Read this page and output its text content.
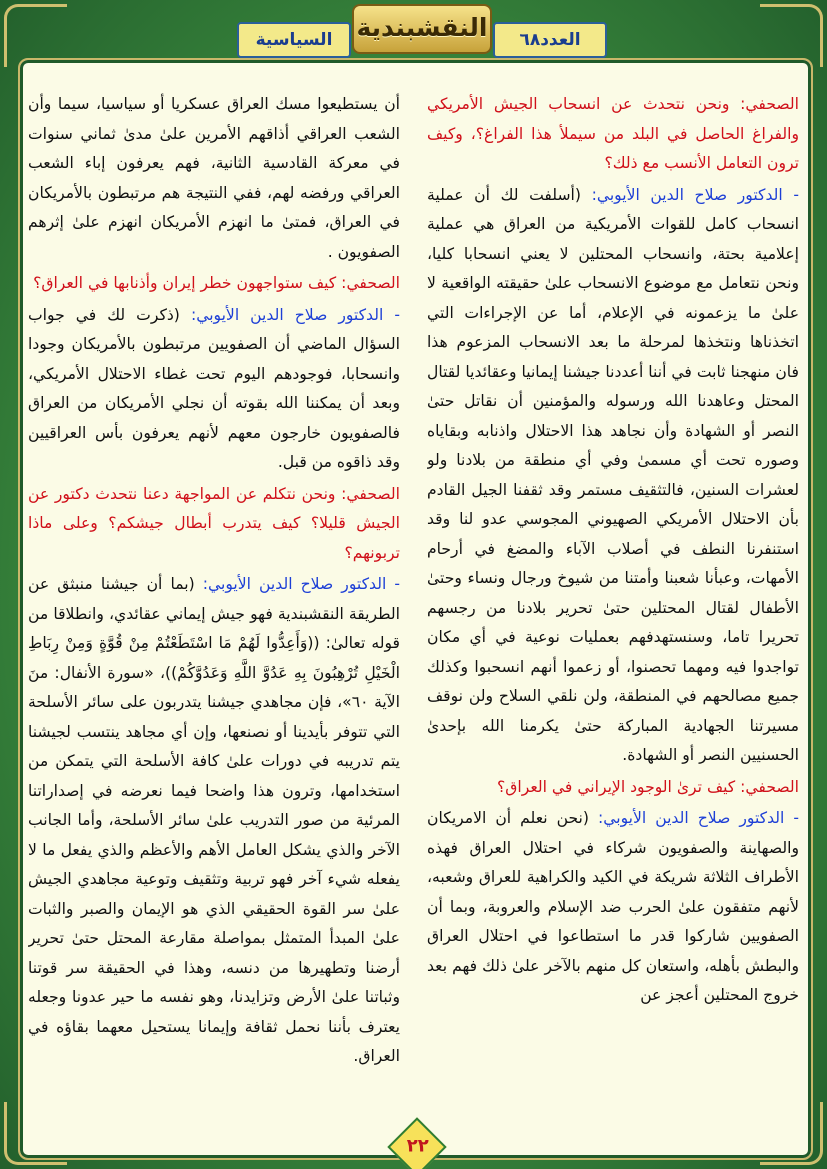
النقشبندية	العدد٦٨
السياسية

الصحفي: ونحن نتحدث عن انسحاب الجيش الأمريكي والفراغ الحاصل في البلد من سيملأ هذا الفراغ؟، وكيف ترون التعامل الأنسب مع ذلك؟

- الدكتور صلاح الدين الأيوبي: (أسلفت لك أن عملية انسحاب كامل للقوات الأمريكية من العراق هي عملية إعلامية بحتة، وانسحاب المحتلين لا يعني انسحابا كليا، ونحن نتعامل مع موضوع الانسحاب علىٰ حقيقته الواقعية لا علىٰ ما يزعمونه في الإعلام، أما عن الإجراءات التي اتخذناها ونتخذها لمرحلة ما بعد الانسحاب المزعوم هذا فان منهجنا ثابت في أننا أعددنا جيشنا إيمانيا وعقائديا لقتال المحتل وعاهدنا الله ورسوله والمؤمنين أن نقاتل حتىٰ النصر أو الشهادة وأن نجاهد هذا الاحتلال واذنابه وبقاياه وصوره تحت أي مسمىٰ وفي أي منطقة من بلادنا ولو لعشرات السنين، فالتثقيف مستمر وقد ثقفنا الجيل القادم بأن الاحتلال الأمريكي الصهيوني المجوسي عدو لنا وقد استنفرنا النطف في أصلاب الآباء والمضغ في أرحام الأمهات، وعبأنا شعبنا وأمتنا من شيوخ ورجال ونساء وحتىٰ الأطفال لقتال المحتلين حتىٰ تحرير بلادنا من رجسهم تحريرا تاما، وسنستهدفهم بعمليات نوعية في أي مكان تواجدوا فيه ومهما تحصنوا، أو زعموا أنهم انسحبوا وكذلك جميع مصالحهم في المنطقة، ولن نلقي السلاح ولن نوقف مسيرتنا الجهادية المباركة حتىٰ يكرمنا الله بإحدىٰ الحسنيين النصر أو الشهادة.

الصحفي: كيف ترىٰ الوجود الإيراني في العراق؟

- الدكتور صلاح الدين الأيوبي: (نحن نعلم أن الامريكان والصهاينة والصفويون شركاء في احتلال العراق فهذه الأطراف الثلاثة شريكة في الكيد والكراهية للعراق وشعبه، لأنهم متفقون علىٰ الحرب ضد الإسلام والعروبة، وبما أن الصفويين شاركوا قدر ما استطاعوا في احتلال العراق والبطش بأهله، واستعان كل منهم بالآخر علىٰ ذلك فهم بعد خروج المحتلين أعجز عن

أن يستطيعوا مسك العراق عسكريا أو سياسيا، سيما وأن الشعب العراقي أذاقهم الأمرين علىٰ مدىٰ ثماني سنوات في معركة القادسية الثانية، فهم يعرفون إباء الشعب العراقي ورفضه لهم، ففي النتيجة هم مرتبطون بالأمريكان في العراق، فمتىٰ ما انهزم الأمريكان انهزم علىٰ إثرهم الصفويون .

الصحفي: كيف ستواجهون خطر إيران وأذنابها في العراق؟

- الدكتور صلاح الدين الأيوبي: (ذكرت لك في جواب السؤال الماضي أن الصفويين مرتبطون بالأمريكان وجودا وانسحابا، فوجودهم اليوم تحت غطاء الاحتلال الأمريكي، وبعد أن يمكننا الله بقوته أن نجلي الأمريكان من العراق فالصفويون خارجون معهم لأنهم يعرفون بأس العراقيين وقد ذاقوه من قبل.

الصحفي: ونحن نتكلم عن المواجهة دعنا نتحدث دكتور عن الجيش قليلا؟ كيف يتدرب أبطال جيشكم؟ وعلى ماذا تربونهم؟

- الدكتور صلاح الدين الأيوبي: (بما أن جيشنا منبثق عن الطريقة النقشبندية فهو جيش إيماني عقائدي، وانطلاقا من قوله تعالىٰ: ((وَأَعِدُّوا لَهُمْ مَا اسْتَطَعْتُمْ مِنْ قُوَّةٍ وَمِنْ رِبَاطِ الْخَيْلِ تُرْهِبُونَ بِهِ عَدُوَّ اللَّهِ وَعَدُوَّكُمْ))، «سورة الأنفال: منَ الآية ٦٠»، فإن مجاهدي جيشنا يتدربون على سائر الأسلحة التي تتوفر بأيدينا أو نصنعها، وإن أي مجاهد ينتسب لجيشنا يتم تدريبه في دورات علىٰ كافة الأسلحة التي يتمكن من استخدامها، وترون هذا واضحا فيما نعرضه في إصداراتنا المرئية من صور التدريب علىٰ سائر الأسلحة، وأما الجانب الآخر والذي يشكل العامل الأهم والأعظم والذي يفعل ما لا يفعله شيء آخر فهو تربية وتثقيف وتوعية مجاهدي الجيش علىٰ سر القوة الحقيقي الذي هو الإيمان والصبر والثبات علىٰ المبدأ المتمثل بمواصلة مقارعة المحتل حتىٰ تحرير أرضنا وتطهيرها من دنسه، وهذا في الحقيقة سر قوتنا وثباتنا علىٰ الأرض وتزايدنا، وهو نفسه ما حير عدونا وجعله يعترف بأننا نحمل ثقافة وإيمانا يستحيل معهما بقاؤه في العراق.

٢٢
